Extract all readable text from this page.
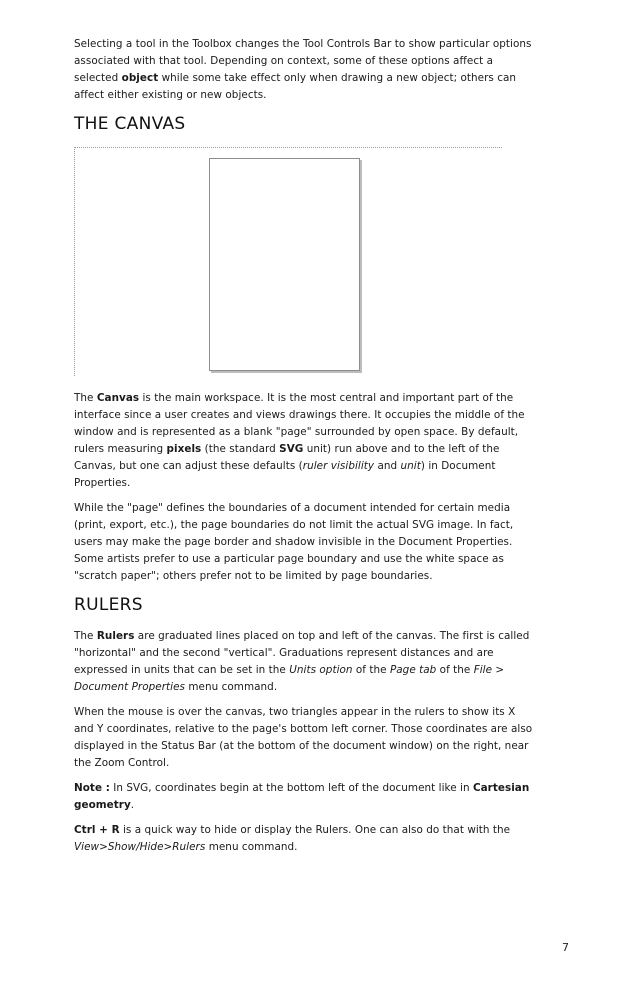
Selecting a tool in the Toolbox changes the Tool Controls Bar to show particular options associated with that tool. Depending on context, some of these options affect a selected object while some take effect only when drawing a new object; others can affect either existing or new objects.

THE CANVAS

The Canvas is the main workspace. It is the most central and important part of the interface since a user creates and views drawings there. It occupies the middle of the window and is represented as a blank "page" surrounded by open space. By default, rulers measuring pixels (the standard SVG unit) run above and to the left of the Canvas, but one can adjust these defaults (ruler visibility and unit) in Document Properties.

While the "page" defines the boundaries of a document intended for certain media (print, export, etc.), the page boundaries do not limit the actual SVG image. In fact, users may make the page border and shadow invisible in the Document Properties. Some artists prefer to use a particular page boundary and use the white space as "scratch paper"; others prefer not to be limited by page boundaries.

RULERS

The Rulers are graduated lines placed on top and left of the canvas. The first is called "horizontal" and the second "vertical". Graduations represent distances and are expressed in units that can be set in the Units option of the Page tab of the File > Document Properties menu command.

When the mouse is over the canvas, two triangles appear in the rulers to show its X and Y coordinates, relative to the page's bottom left corner. Those coordinates are also displayed in the Status Bar (at the bottom of the document window) on the right, near the Zoom Control.

Note : In SVG, coordinates begin at the bottom left of the document like in Cartesian geometry.

Ctrl + R is a quick way to hide or display the Rulers. One can also do that with the View>Show/Hide>Rulers menu command.

7
